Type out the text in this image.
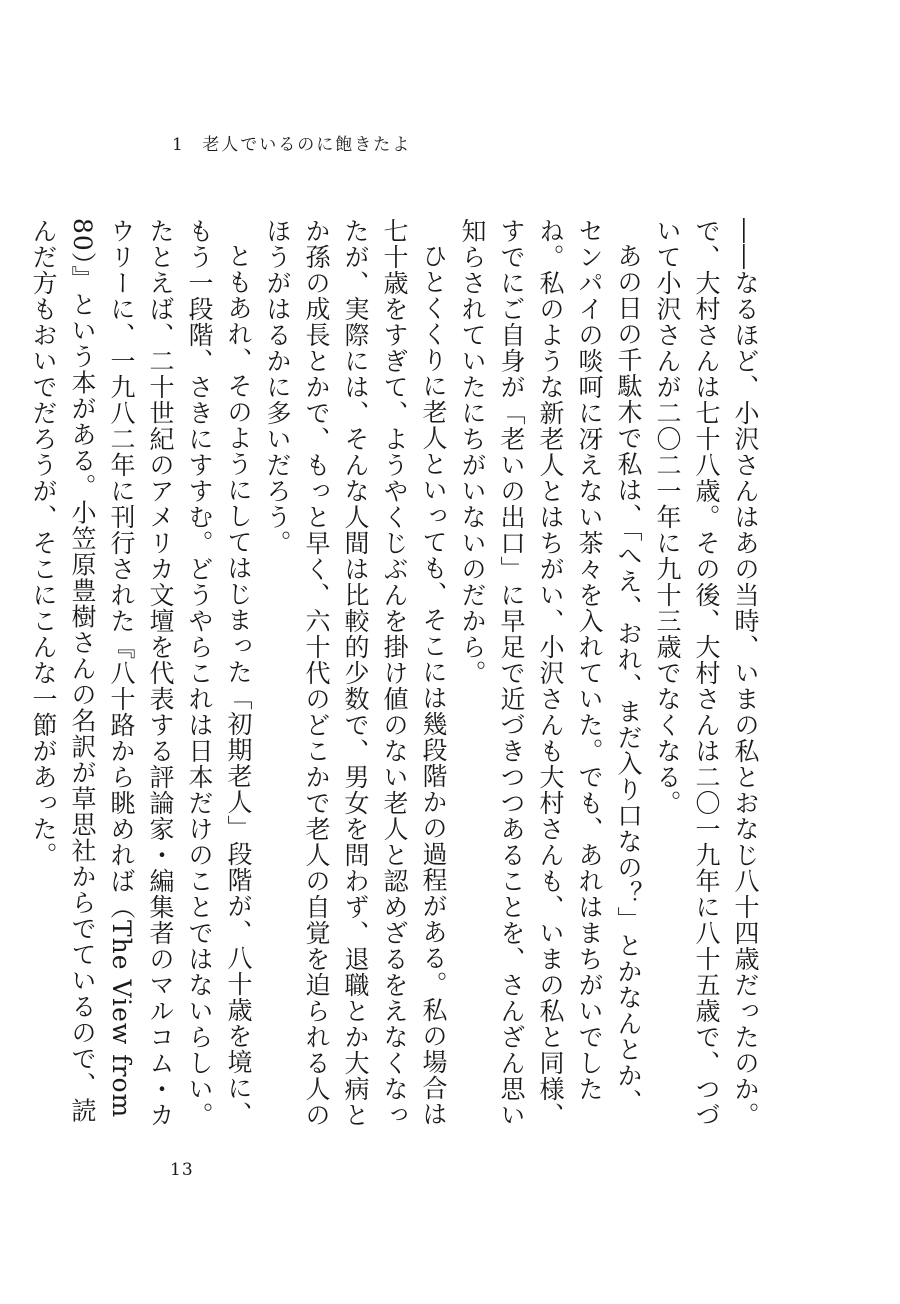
1 老人でいるのに飽きたよ

――なるほど、小沢さんはあの当時、いまの私とおなじ八十四歳だったのか。で、大村さんは七十八歳。その後、大村さんは二〇一九年に八十五歳で、つづいて小沢さんが二〇二一年に九十三歳でなくなる。

あの日の千駄木で私は、「へえ、おれ、まだ入り口なの？」とかなんとか、センパイの啖呵に冴えない茶々を入れていた。でも、あれはまちがいでしたね。私のような新老人とはちがい、小沢さんも大村さんも、いまの私と同様、すでにご自身が「老いの出口」に早足で近づきつつあることを、さんざん思い知らされていたにちがいないのだから。

ひとくくりに老人といっても、そこには幾段階かの過程がある。私の場合は七十歳をすぎて、ようやくじぶんを掛け値のない老人と認めざるをえなくなったが、実際には、そんな人間は比較的少数で、男女を問わず、退職とか大病とか孫の成長とかで、もっと早く、六十代のどこかで老人の自覚を迫られる人のほうがはるかに多いだろう。

ともあれ、そのようにしてはじまった「初期老人」段階が、八十歳を境に、もう一段階、さきにすすむ。どうやらこれは日本だけのことではないらしい。たとえば、二十世紀のアメリカ文壇を代表する評論家・編集者のマルコム・カウリーに、一九八二年に刊行された『八十路から眺めれば（The View from 80）』という本がある。小笠原豊樹さんの名訳が草思社からでているので、読んだ方もおいでだろうが、そこにこんな一節があった。

13
